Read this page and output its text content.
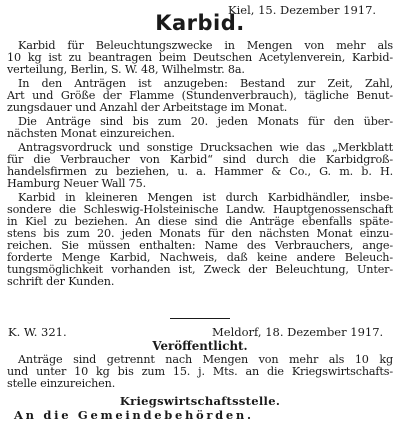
Kiel, 15. Dezember 1917.
Karbid.
Karbid für Beleuchtungszwecke in Mengen von mehr als
10 kg ist zu beantragen beim Deutschen Acetylenverein, Karbid-
verteilung, Berlin, S. W. 48, Wilhelmstr. 8a.
In den Anträgen ist anzugeben: Bestand zur Zeit, Zahl,
Art und Größe der Flamme (Stundenverbrauch), tägliche Benut-
zungsdauer und Anzahl der Arbeitstage im Monat.
Die Anträge sind bis zum 20. jeden Monats für den über-
nächsten Monat einzureichen.
Antragsvordruck und sonstige Drucksachen wie das „Merkblatt
für die Verbraucher von Karbid“ sind durch die Karbidgroß-
handelsfirmen zu beziehen, u. a. Hammer & Co., G. m. b. H.
Hamburg Neuer Wall 75.
Karbid in kleineren Mengen ist durch Karbidhändler, insbe-
sondere die Schleswig-Holsteinische Landw. Hauptgenossenschaft
in Kiel zu beziehen. An diese sind die Anträge ebenfalls späte-
stens bis zum 20. jeden Monats für den nächsten Monat einzu-
reichen. Sie müssen enthalten: Name des Verbrauchers, ange-
forderte Menge Karbid, Nachweis, daß keine andere Beleuch-
tungsmöglichkeit vorhanden ist, Zweck der Beleuchtung, Unter-
schrift der Kunden.
K. W. 321.	Meldorf, 18. Dezember 1917.
Veröffentlicht.
Anträge sind getrennt nach Mengen von mehr als 10 kg
und unter 10 kg bis zum 15. j. Mts. an die Kriegswirtschafts-
stelle einzureichen.
Kriegswirtschaftsstelle.
An die Gemeindebehörden.
